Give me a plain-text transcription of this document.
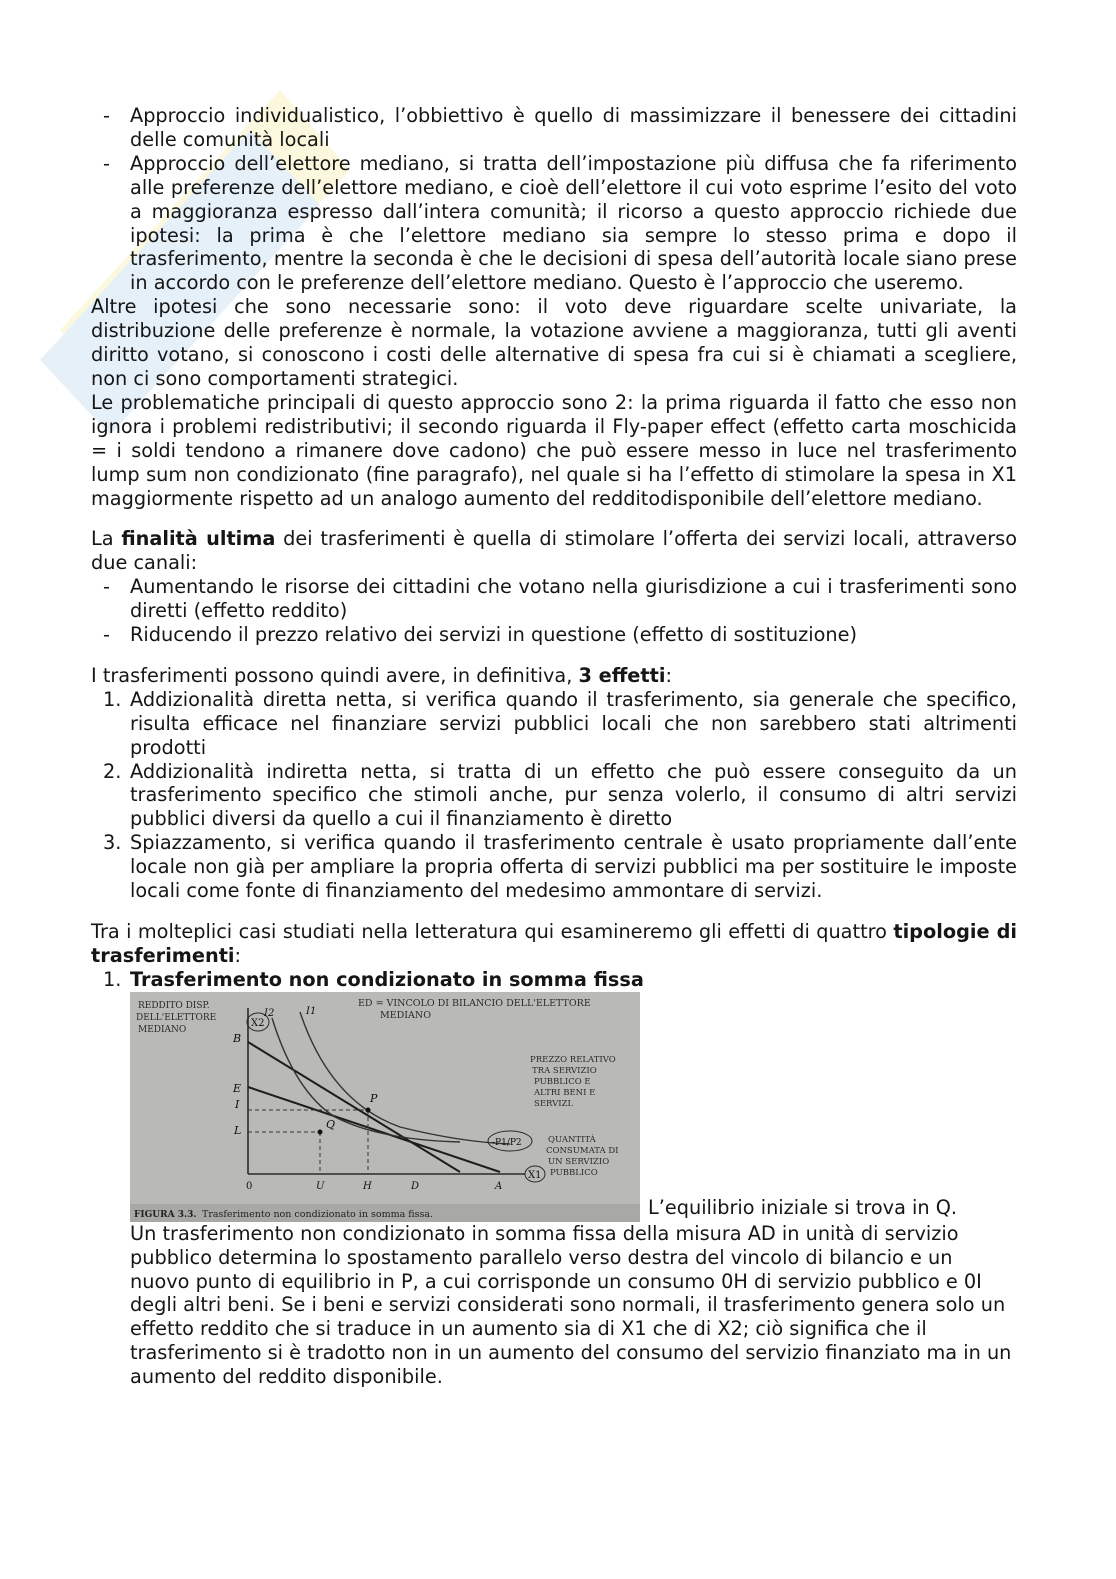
- Approccio individualistico, l’obbiettivo è quello di massimizzare il benessere dei cittadini delle comunità locali
- Approccio dell’elettore mediano, si tratta dell’impostazione più diffusa che fa riferimento alle preferenze dell’elettore mediano, e cioè dell’elettore il cui voto esprime l’esito del voto a maggioranza espresso dall’intera comunità; il ricorso a questo approccio richiede due ipotesi: la prima è che l’elettore mediano sia sempre lo stesso prima e dopo il trasferimento, mentre la seconda è che le decisioni di spesa dell’autorità locale siano prese in accordo con le preferenze dell’elettore mediano. Questo è l’approccio che useremo.

Altre ipotesi che sono necessarie sono: il voto deve riguardare scelte univariate, la distribuzione delle preferenze è normale, la votazione avviene a maggioranza, tutti gli aventi diritto votano, si conoscono i costi delle alternative di spesa fra cui si è chiamati a scegliere, non ci sono comportamenti strategici.

Le problematiche principali di questo approccio sono 2: la prima riguarda il fatto che esso non ignora i problemi redistributivi; il secondo riguarda il Fly-paper effect (effetto carta moschicida = i soldi tendono a rimanere dove cadono) che può essere messo in luce nel trasferimento lump sum non condizionato (fine paragrafo), nel quale si ha l’effetto di stimolare la spesa in X1 maggiormente rispetto ad un analogo aumento del redditodisponibile dell’elettore mediano.

La finalità ultima dei trasferimenti è quella di stimolare l’offerta dei servizi locali, attraverso due canali:

- Aumentando le risorse dei cittadini che votano nella giurisdizione a cui i trasferimenti sono diretti (effetto reddito)
- Riducendo il prezzo relativo dei servizi in questione (effetto di sostituzione)

I trasferimenti possono quindi avere, in definitiva, 3 effetti:

1. Addizionalità diretta netta, si verifica quando il trasferimento, sia generale che specifico, risulta efficace nel finanziare servizi pubblici locali che non sarebbero stati altrimenti prodotti
2. Addizionalità indiretta netta, si tratta di un effetto che può essere conseguito da un trasferimento specifico che stimoli anche, pur senza volerlo, il consumo di altri servizi pubblici diversi da quello a cui il finanziamento è diretto
3. Spiazzamento, si verifica quando il trasferimento centrale è usato propriamente dall’ente locale non già per ampliare la propria offerta di servizi pubblici ma per sostituire le imposte locali come fonte di finanziamento del medesimo ammontare di servizi.

Tra i molteplici casi studiati nella letteratura qui esamineremo gli effetti di quattro tipologie di trasferimenti:

1. Trasferimento non condizionato in somma fissa
REDDITO DISP.
DELL'ELETTORE
MEDIANO
X2
ED = VINCOLO DI BILANCIO DELL'ELETTORE
MEDIANO
PREZZO RELATIVO
TRA SERVIZIO
PUBBLICO E
ALTRI BENI E
SERVIZI.
QUANTITÀ
CONSUMATA DI
UN SERVIZIO
PUBBLICO
-P1/P2
X1
I1
I2
B
E
I
L
P
Q
0	U	H	D	A
FIGURA 3.3. Trasferimento non condizionato in somma fissa.	L’equilibrio iniziale si trova in Q.

Un trasferimento non condizionato in somma fissa della misura AD in unità di servizio pubblico determina lo spostamento parallelo verso destra del vincolo di bilancio e un nuovo punto di equilibrio in P, a cui corrisponde un consumo 0H di servizio pubblico e 0I degli altri beni. Se i beni e servizi considerati sono normali, il trasferimento genera solo un effetto reddito che si traduce in un aumento sia di X1 che di X2; ciò significa che il trasferimento si è tradotto non in un aumento del consumo del servizio finanziato ma in un aumento del reddito disponibile.
